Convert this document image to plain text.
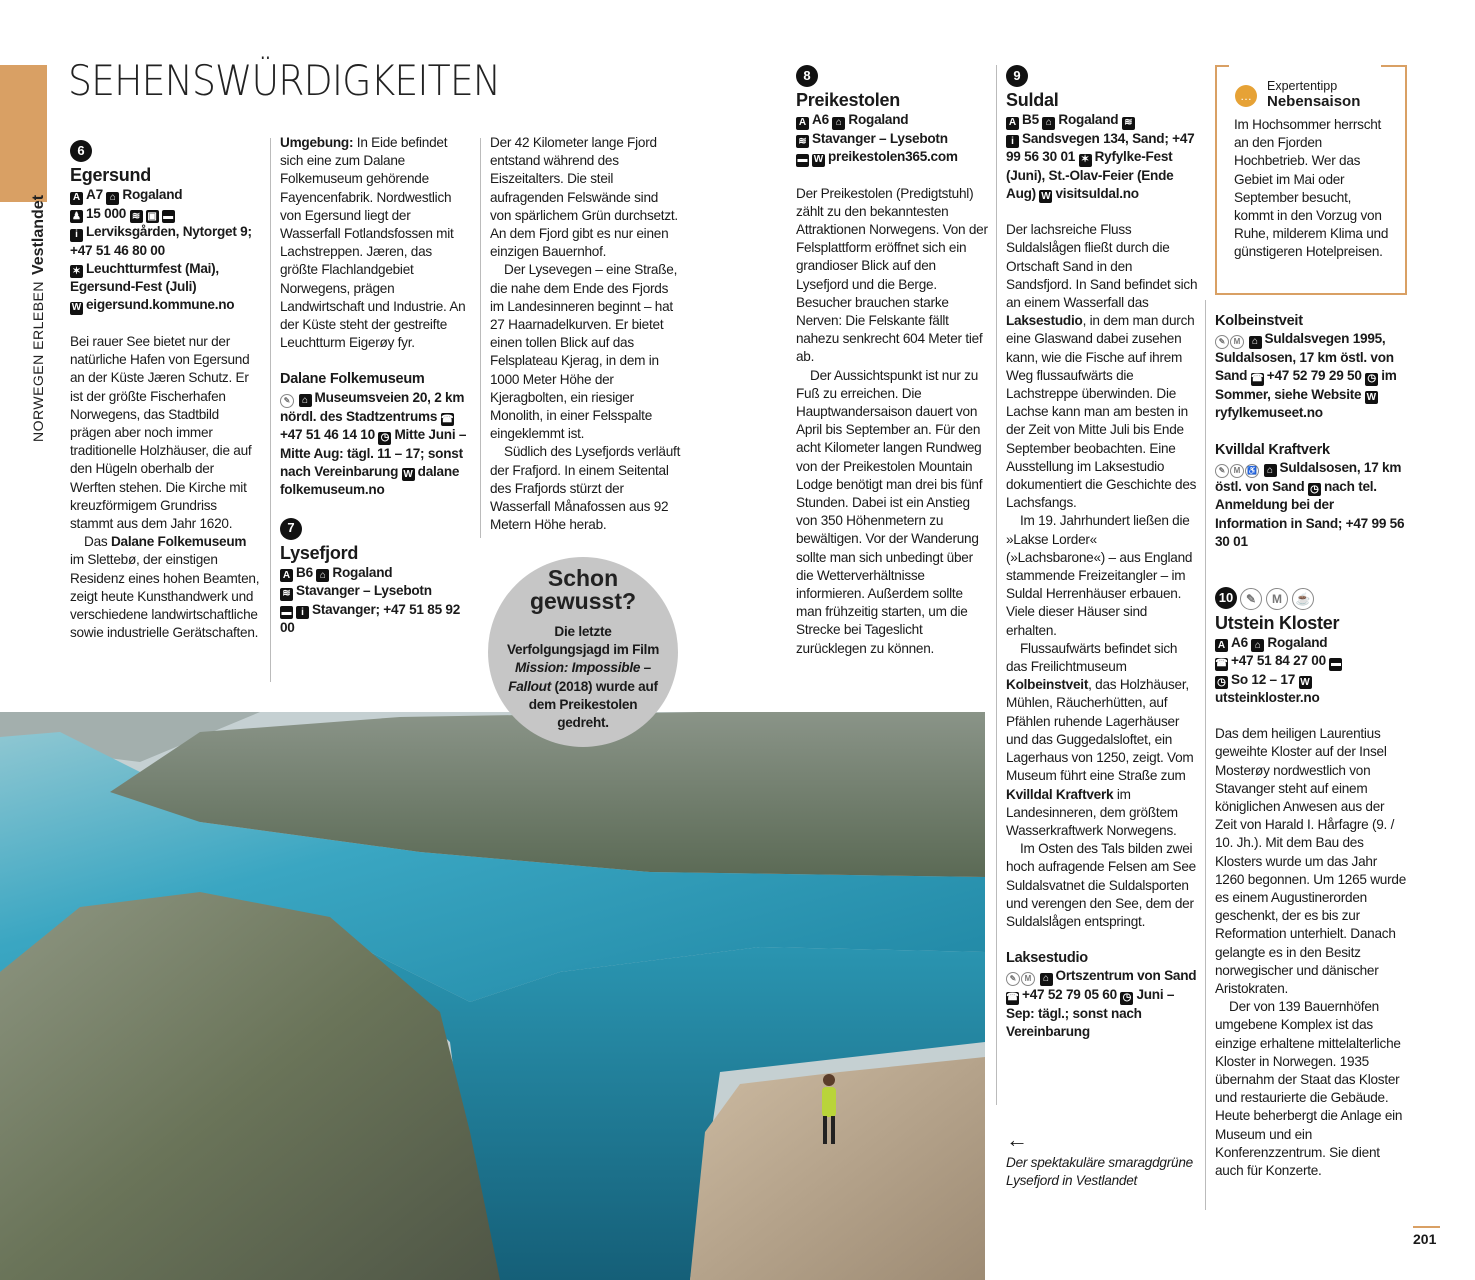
NORWEGEN ERLEBENVestlandet
SEHENSWÜRDIGKEITEN
6
Egersund
A A7 ⌂ Rogaland
♟ 15 000 ≋ ▣ ▬
i Lerviksgården, Nytorget 9; +47 51 46 80 00
✶ Leuchtturmfest (Mai), Egersund-Fest (Juli)
W eigersund.kommune.no
Bei rauer See bietet nur der natürliche Hafen von Egersund an der Küste Jæren Schutz. Er ist der größte Fischerhafen Norwegens, das Stadtbild prägen aber noch immer traditionelle Holzhäuser, die auf den Hügeln oberhalb der Werften stehen. Die Kirche mit kreuzförmigem Grundriss stammt aus dem Jahr 1620.
Das Dalane Folkemuseum im Slettebø, der einstigen Residenz eines hohen Beamten, zeigt heute Kunsthandwerk und verschiedene landwirtschaftliche sowie industrielle Gerätschaften.
Umgebung: In Eide befindet sich eine zum Dalane Folkemuseum gehörende Fayencenfabrik. Nordwestlich von Egersund liegt der Wasserfall Fotlandsfossen mit Lachstreppen. Jæren, das größte Flachlandgebiet Norwegens, prägen Landwirtschaft und Industrie. An der Küste steht der gestreifte Leuchtturm Eigerøy fyr.
Dalane Folkemuseum
✎ ⌂ Museumsveien 20, 2 km nördl. des Stadtzentrums ☎+47 51 46 14 10 ◷ Mitte Juni – Mitte Aug: tägl. 11 – 17; sonst nach Vereinbarung W dalane folkemuseum.no
7
Lysefjord
A B6 ⌂ Rogaland
≋ Stavanger – Lysebotn
▬ i Stavanger; +47 51 85 92 00
Der 42 Kilometer lange Fjord entstand während des Eiszeitalters. Die steil aufragenden Felswände sind von spärlichem Grün durchsetzt. An dem Fjord gibt es nur einen einzigen Bauernhof.
Der Lysevegen – eine Straße, die nahe dem Ende des Fjords im Landesinneren beginnt – hat 27 Haarnadelkurven. Er bietet einen tollen Blick auf das Felsplateau Kjerag, in dem in 1000 Meter Höhe der Kjeragbolten, ein riesiger Monolith, in einer Felsspalte eingeklemmt ist.
Südlich des Lysefjords verläuft der Frafjord. In einem Seitental des Frafjords stürzt der Wasserfall Månafossen aus 92 Metern Höhe herab.
8
Preikestolen
A A6 ⌂ Rogaland
≋ Stavanger – Lysebotn
▬ W preikestolen365.com
Der Preikestolen (Predigtstuhl) zählt zu den bekanntesten Attraktionen Norwegens. Von der Felsplattform eröffnet sich ein grandioser Blick auf den Lysefjord und die Berge. Besucher brauchen starke Nerven: Die Felskante fällt nahezu senkrecht 604 Meter tief ab.
Der Aussichtspunkt ist nur zu Fuß zu erreichen. Die Hauptwandersaison dauert von April bis September an. Für den acht Kilometer langen Rundweg von der Preikestolen Mountain Lodge benötigt man drei bis fünf Stunden. Dabei ist ein Anstieg von 350 Höhenmetern zu bewältigen. Vor der Wanderung sollte man sich unbedingt über die Wetterverhältnisse informieren. Außerdem sollte man frühzeitig starten, um die Strecke bei Tageslicht zurücklegen zu können.
9
Suldal
A B5 ⌂ Rogaland ≋
i Sandsvegen 134, Sand; +47 99 56 30 01 ✶ Ryfylke-Fest (Juni), St.-Olav-Feier (Ende Aug) W visitsuldal.no
Der lachsreiche Fluss Suldalslågen fließt durch die Ortschaft Sand in den Sandsfjord. In Sand befindet sich an einem Wasserfall das Laksestudio, in dem man durch eine Glaswand dabei zusehen kann, wie die Fische auf ihrem Weg flussaufwärts die Lachstreppe überwinden. Die Lachse kann man am besten in der Zeit von Mitte Juli bis Ende September beobachten. Eine Ausstellung im Laksestudio dokumentiert die Geschichte des Lachsfangs.
Im 19. Jahrhundert ließen die »Lakse Lorder« (»Lachsbarone«) – aus England stammende Freizeitangler – im Suldal Herrenhäuser erbauen. Viele dieser Häuser sind erhalten.
Flussaufwärts befindet sich das Freilichtmuseum Kolbeinstveit, das Holzhäuser, Mühlen, Räucherhütten, auf Pfählen ruhende Lagerhäuser und das Guggedalsloftet, ein Lagerhaus von 1250, zeigt. Vom Museum führt eine Straße zum Kvilldal Kraftverk im Landesinneren, dem größtem Wasserkraftwerk Norwegens.
Im Osten des Tals bilden zwei hoch aufragende Felsen am See Suldalsvatnet die Suldalsporten und verengen den See, dem der Suldalslågen entspringt.
Laksestudio
✎ M ⌂ Ortszentrum von Sand ☎ +47 52 79 05 60 ◷ Juni – Sep: tägl.; sonst nach Vereinbarung
Kolbeinstveit
✎ M ⌂ Suldalsvegen 1995, Suldalsosen, 17 km östl. von Sand ☎ +47 52 79 29 50 ◷ im Sommer, siehe Website Wryfylkemuseet.no
Kvilldal Kraftverk
✎ M ♿ ⌂ Suldalsosen, 17 km östl. von Sand ◷ nach tel. Anmeldung bei der Information in Sand; +47 99 56 30 01
10 ✎ M ☕
Utstein Kloster
A A6 ⌂ Rogaland
☎ +47 51 84 27 00 ▬
◷ So 12 – 17 Wutsteinkloster.no
Das dem heiligen Laurentius geweihte Kloster auf der Insel Mosterøy nordwestlich von Stavanger steht auf einem königlichen Anwesen aus der Zeit von Harald I. Hårfagre (9. / 10. Jh.). Mit dem Bau des Klosters wurde um das Jahr 1260 begonnen. Um 1265 wurde es einem Augustinerorden geschenkt, der es bis zur Reformation unterhielt. Danach gelangte es in den Besitz norwegischer und dänischer Aristokraten.
Der von 139 Bauernhöfen umgebene Komplex ist das einzige erhaltene mittelalterliche Kloster in Norwegen. 1935 übernahm der Staat das Kloster und restaurierte die Gebäude. Heute beherbergt die Anlage ein Museum und ein Konferenzzentrum. Sie dient auch für Konzerte.
…
Expertentipp
Nebensaison
Im Hochsommer herrscht an den Fjorden Hochbetrieb. Wer das Gebiet im Mai oder September besucht, kommt in den Vorzug von Ruhe, milderem Klima und günstigeren Hotelpreisen.
Schon gewusst?
Die letzte Verfolgungsjagd im Film Mission: Impossible – Fallout (2018) wurde auf dem Preikestolen gedreht.
←
Der spektakuläre smaragdgrüne Lysefjord in Vestlandet
201
